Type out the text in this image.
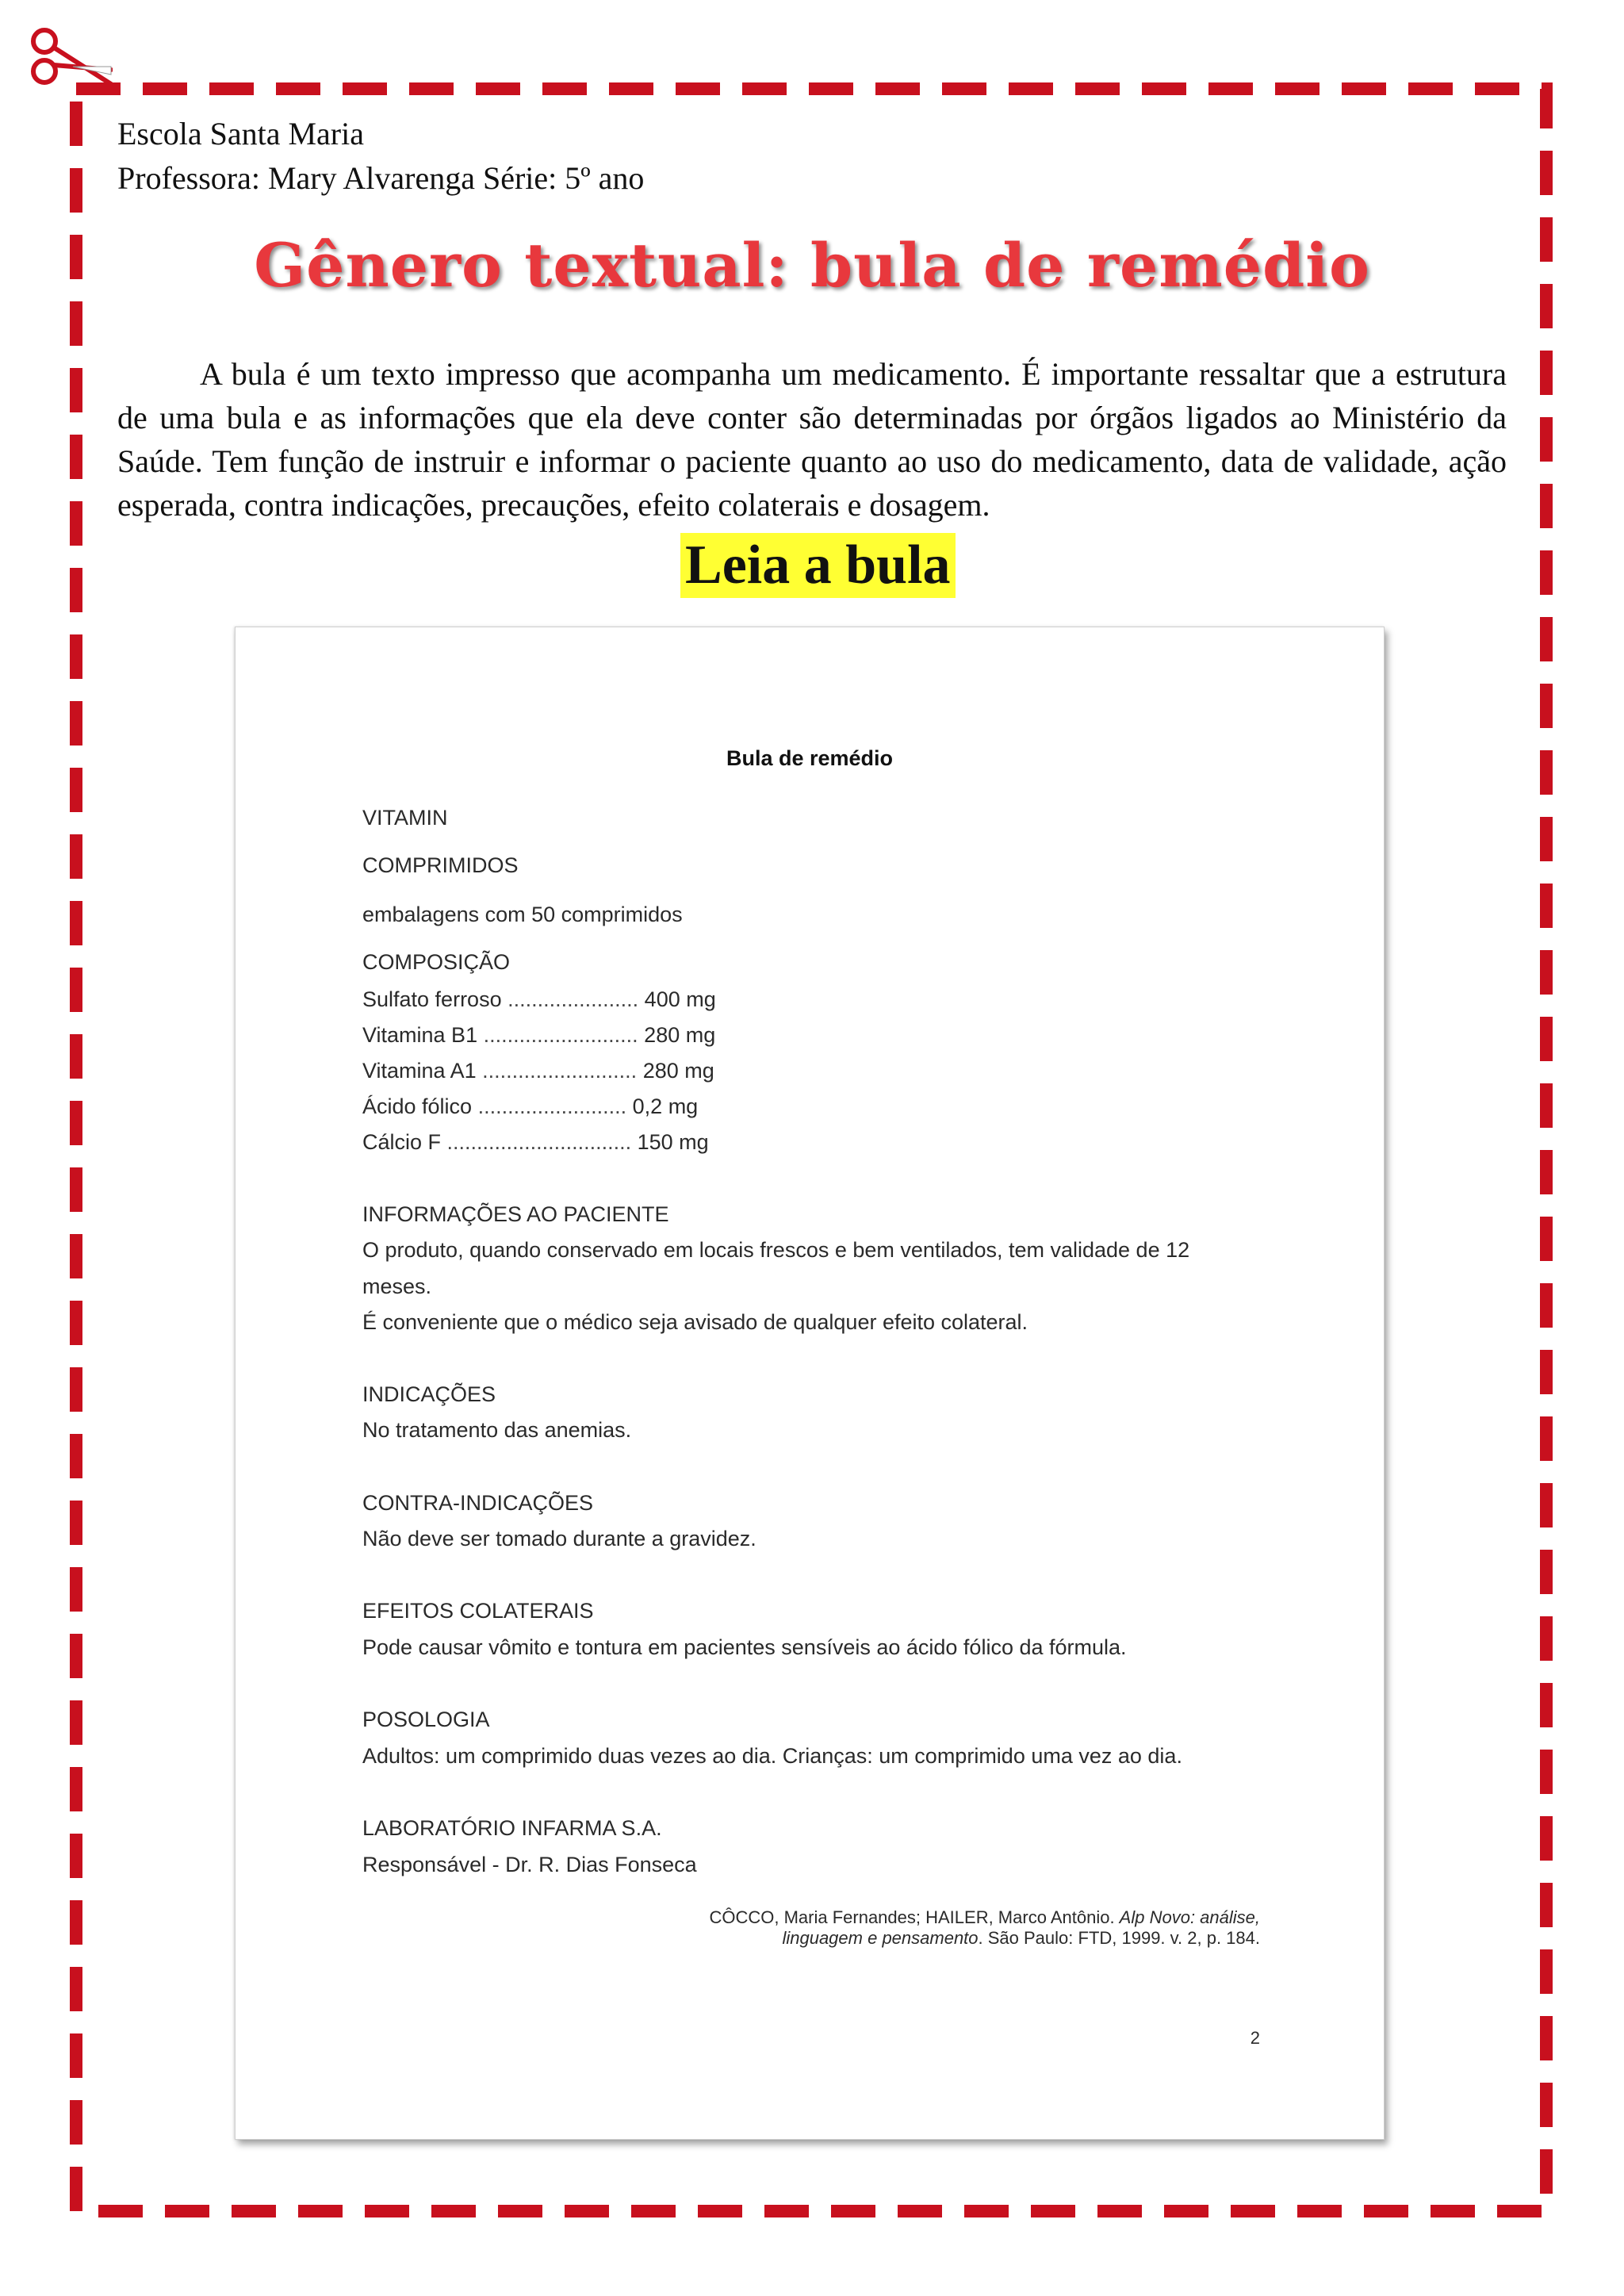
Escola Santa Maria
Professora: Mary Alvarenga Série: 5º ano
Gênero textual: bula de remédio

A bula é um texto impresso que acompanha um medicamento. É importante ressaltar que a estrutura de uma bula e as informações que ela deve conter são determinadas por órgãos ligados ao Ministério da Saúde. Tem função de instruir e informar o paciente quanto ao uso do medicamento, data de validade, ação esperada, contra indicações, precauções, efeito colaterais e dosagem.

Leia a bula
Bula de remédio
VITAMIN
COMPRIMIDOS
embalagens com 50 comprimidos
COMPOSIÇÃO
Sulfato ferroso ...................... 400 mg
Vitamina B1 .......................... 280 mg
Vitamina A1 .......................... 280 mg
Ácido fólico ......................... 0,2 mg
Cálcio F ............................... 150 mg
INFORMAÇÕES AO PACIENTE
O produto, quando conservado em locais frescos e bem ventilados, tem validade de 12
meses.
É conveniente que o médico seja avisado de qualquer efeito colateral.
INDICAÇÕES
No tratamento das anemias.
CONTRA-INDICAÇÕES
Não deve ser tomado durante a gravidez.
EFEITOS COLATERAIS
Pode causar vômito e tontura em pacientes sensíveis ao ácido fólico da fórmula.
POSOLOGIA
Adultos: um comprimido duas vezes ao dia. Crianças: um comprimido uma vez ao dia.
LABORATÓRIO INFARMA S.A.
Responsável - Dr. R. Dias Fonseca
CÔCCO, Maria Fernandes; HAILER, Marco Antônio. Alp Novo: análise,
linguagem e pensamento. São Paulo: FTD, 1999. v. 2, p. 184.
2
